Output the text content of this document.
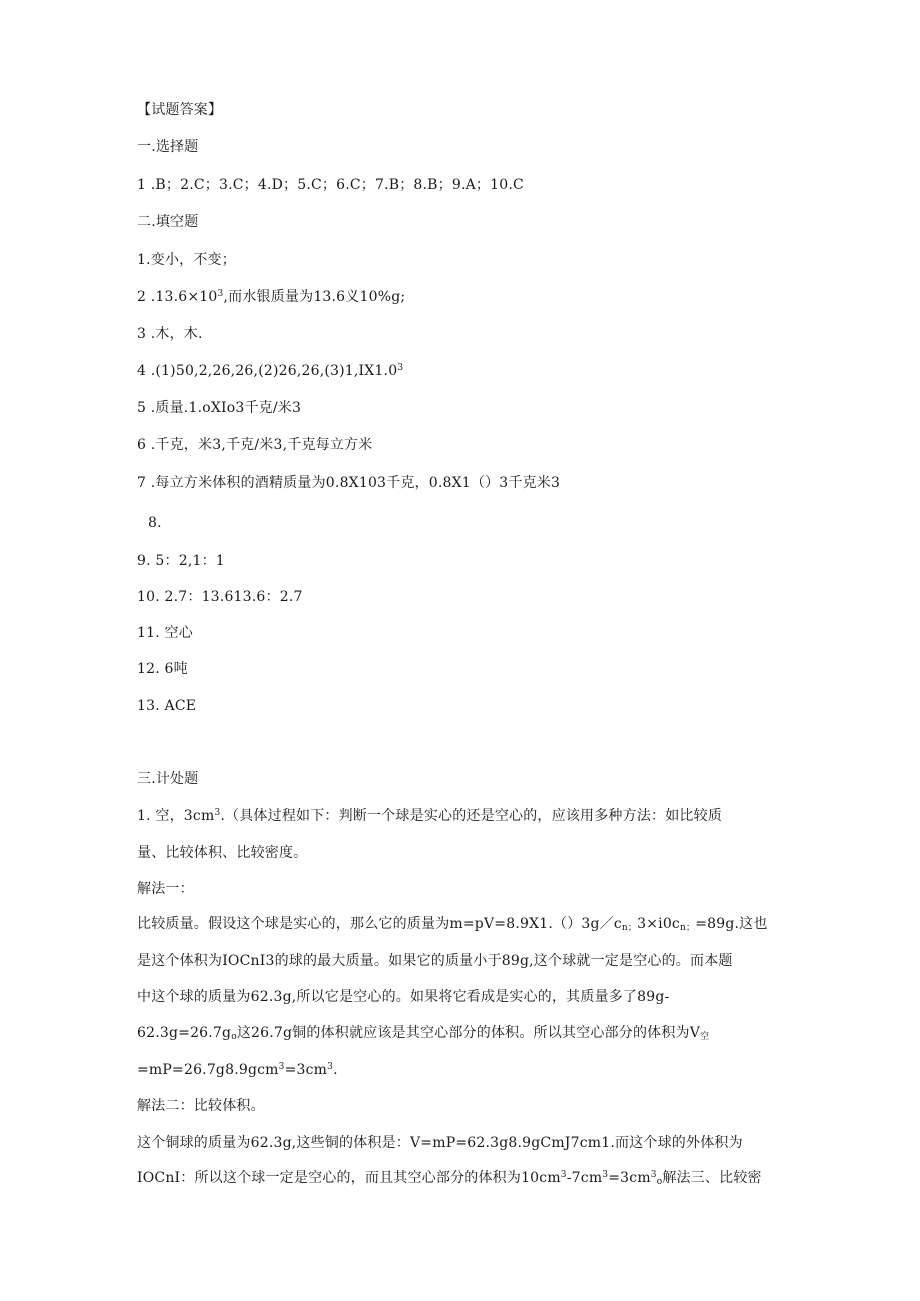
【试题答案】
一.选择题
1 .B；2.C；3.C；4.D；5.C；6.C；7.B；8.B；9.A；10.C
二.填空题
1.变小，不变；
2 $.13.6\times 10^3$,而水银质量为13.6义10%g;
3 .木，木.
4 $.(1)50,2,26,26,(2)26,26,(3)1,IX1.0^3$
5 .质量.1.oXIo3千克/米3
6 .千克，米3,千克/米3,千克每立方米
7 .每立方米体积的酒精质量为0.8X103千克，0.8X1（）3千克米3
8.
9. 5：2,1：1
10. 2.7：13.613.6：2.7
11. 空心
12. 6吨
13. ACE
三.计处题
1. 空，$3cm^3$.（具体过程如下：判断一个球是实心的还是空心的，应该用多种方法：如比较质
量、比较体积、比较密度。
解法一：
比较质量。假设这个球是实心的，那么它的质量为$m=pV=8.9X1.()3g/c_{n;}3\times i0c_{n;}=89g$.这也
是这个体积为IOCnI3的球的最大质量。如果它的质量小于89g,这个球就一定是空心的。而本题
中这个球的质量为62.3g,所以它是空心的。如果将它看成是实心的，其质量多了89g-
$62.3g=26.7g_o$这26.7g铜的体积就应该是其空心部分的体积。所以其空心部分的体积为$V_空$
$=mP=26.7g8.9gcm^3=3cm^3$.
解法二：比较体积。
这个铜球的质量为62.3g,这些铜的体积是：V=mP=62.3g8.9gCmJ7cm1.而这个球的外体积为
IOCnI：所以这个球一定是空心的，而且其空心部分的体积为$10cm^3-7cm^3=3cm^3_o$解法三、比较密
